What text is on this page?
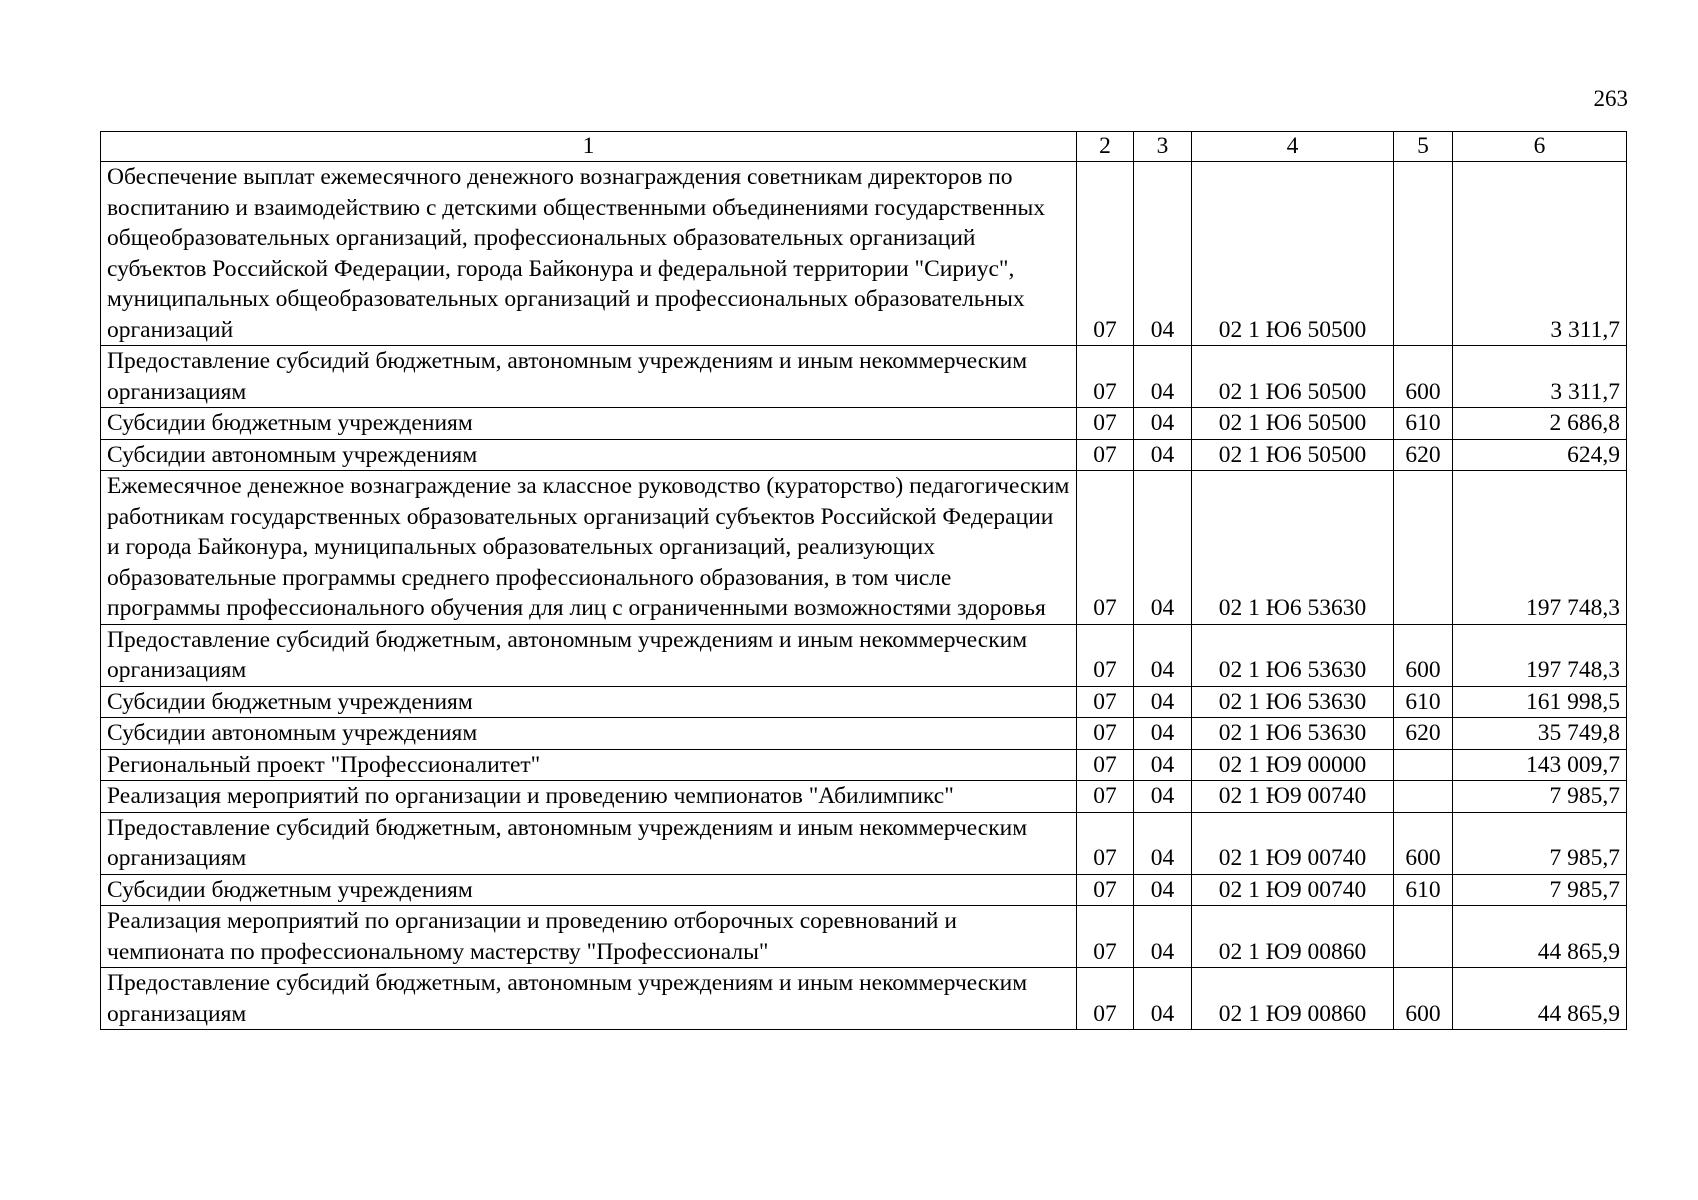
263
1	2	3	4	5	6
Обеспечение выплат ежемесячного денежного вознаграждения советникам директоров по воспитанию и взаимодействию с детскими общественными объединениями государственных общеобразовательных организаций, профессиональных образовательных организаций субъектов Российской Федерации, города Байконура и федеральной территории "Сириус", муниципальных общеобразовательных организаций и профессиональных образовательных организаций	07	04	02 1 Ю6 50500		3 311,7
Предоставление субсидий бюджетным, автономным учреждениям и иным некоммерческим организациям	07	04	02 1 Ю6 50500	600	3 311,7
Субсидии бюджетным учреждениям	07	04	02 1 Ю6 50500	610	2 686,8
Субсидии автономным учреждениям	07	04	02 1 Ю6 50500	620	624,9
Ежемесячное денежное вознаграждение за классное руководство (кураторство) педагогическим работникам государственных образовательных организаций субъектов Российской Федерации и города Байконура, муниципальных образовательных организаций, реализующих образовательные программы среднего профессионального образования, в том числе программы профессионального обучения для лиц с ограниченными возможностями здоровья	07	04	02 1 Ю6 53630		197 748,3
Предоставление субсидий бюджетным, автономным учреждениям и иным некоммерческим организациям	07	04	02 1 Ю6 53630	600	197 748,3
Субсидии бюджетным учреждениям	07	04	02 1 Ю6 53630	610	161 998,5
Субсидии автономным учреждениям	07	04	02 1 Ю6 53630	620	35 749,8
Региональный проект "Профессионалитет"	07	04	02 1 Ю9 00000		143 009,7
Реализация мероприятий по организации и проведению чемпионатов "Абилимпикс"	07	04	02 1 Ю9 00740		7 985,7
Предоставление субсидий бюджетным, автономным учреждениям и иным некоммерческим организациям	07	04	02 1 Ю9 00740	600	7 985,7
Субсидии бюджетным учреждениям	07	04	02 1 Ю9 00740	610	7 985,7
Реализация мероприятий по организации и проведению отборочных соревнований и чемпионата по профессиональному мастерству "Профессионалы"	07	04	02 1 Ю9 00860		44 865,9
Предоставление субсидий бюджетным, автономным учреждениям и иным некоммерческим организациям	07	04	02 1 Ю9 00860	600	44 865,9
